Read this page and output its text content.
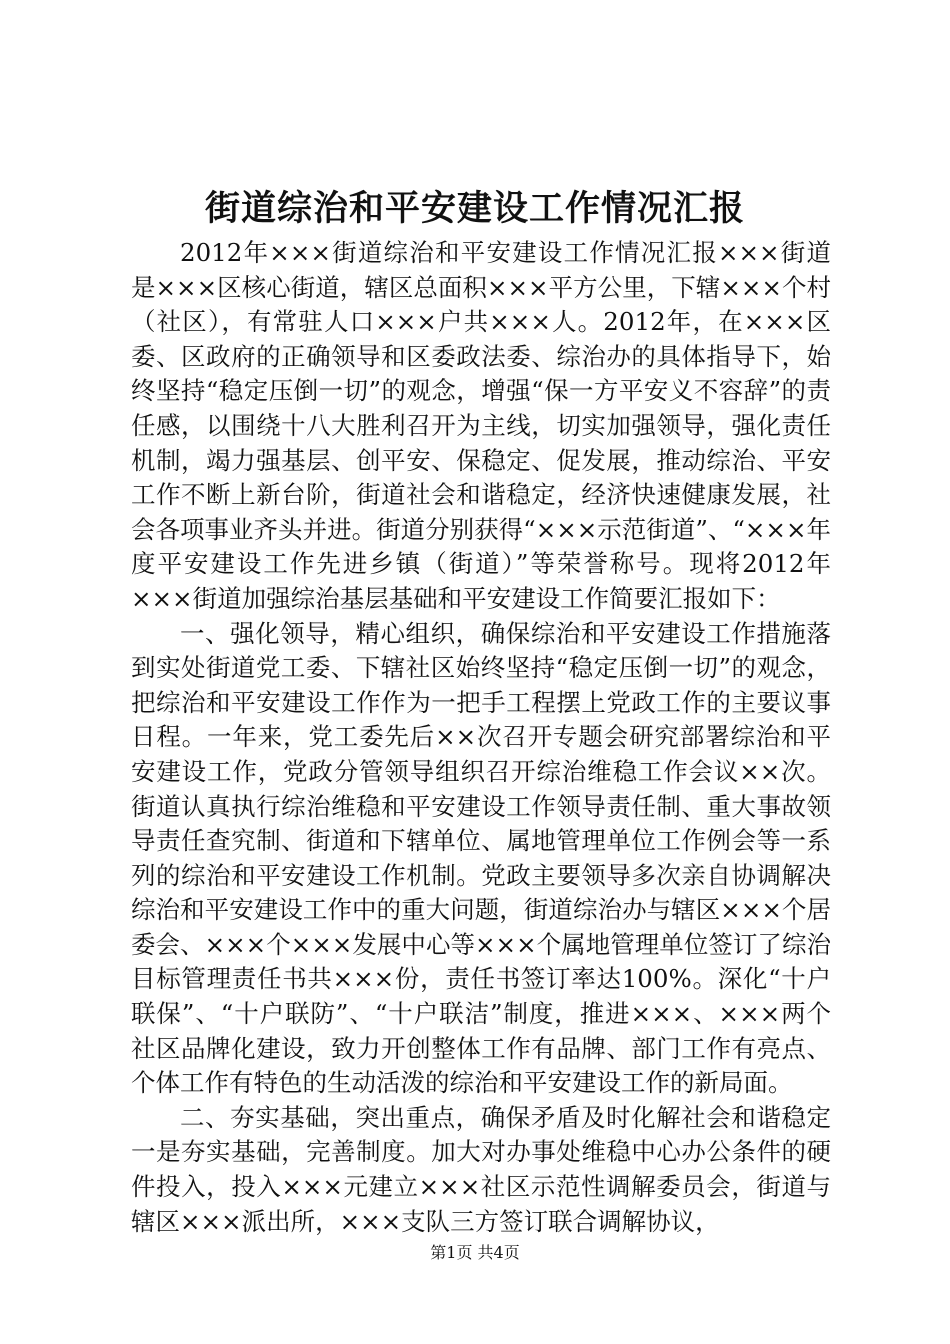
街道综治和平安建设工作情况汇报

2012年×××街道综治和平安建设工作情况汇报×××街道是×××区核心街道，辖区总面积×××平方公里，下辖×××个村（社区），有常驻人口×××户共×××人。2012年，在×××区委、区政府的正确领导和区委政法委、综治办的具体指导下，始终坚持“稳定压倒一切”的观念，增强“保一方平安义不容辞”的责任感，以围绕十八大胜利召开为主线，切实加强领导，强化责任机制，竭力强基层、创平安、保稳定、促发展，推动综治、平安工作不断上新台阶，街道社会和谐稳定，经济快速健康发展，社会各项事业齐头并进。街道分别获得“×××示范街道”、“×××年度平安建设工作先进乡镇（街道）”等荣誉称号。现将2012年×××街道加强综治基层基础和平安建设工作简要汇报如下：

一、强化领导，精心组织，确保综治和平安建设工作措施落到实处街道党工委、下辖社区始终坚持“稳定压倒一切”的观念，把综治和平安建设工作作为一把手工程摆上党政工作的主要议事日程。一年来，党工委先后××次召开专题会研究部署综治和平安建设工作，党政分管领导组织召开综治维稳工作会议××次。街道认真执行综治维稳和平安建设工作领导责任制、重大事故领导责任查究制、街道和下辖单位、属地管理单位工作例会等一系列的综治和平安建设工作机制。党政主要领导多次亲自协调解决综治和平安建设工作中的重大问题，街道综治办与辖区×××个居委会、×××个×××发展中心等×××个属地管理单位签订了综治目标管理责任书共×××份，责任书签订率达100%。深化“十户联保”、“十户联防”、“十户联洁”制度，推进×××、×××两个社区品牌化建设，致力开创整体工作有品牌、部门工作有亮点、个体工作有特色的生动活泼的综治和平安建设工作的新局面。

二、夯实基础，突出重点，确保矛盾及时化解社会和谐稳定一是夯实基础，完善制度。加大对办事处维稳中心办公条件的硬件投入，投入×××元建立×××社区示范性调解委员会，街道与辖区×××派出所，×××支队三方签订联合调解协议，

第1页 共4页
